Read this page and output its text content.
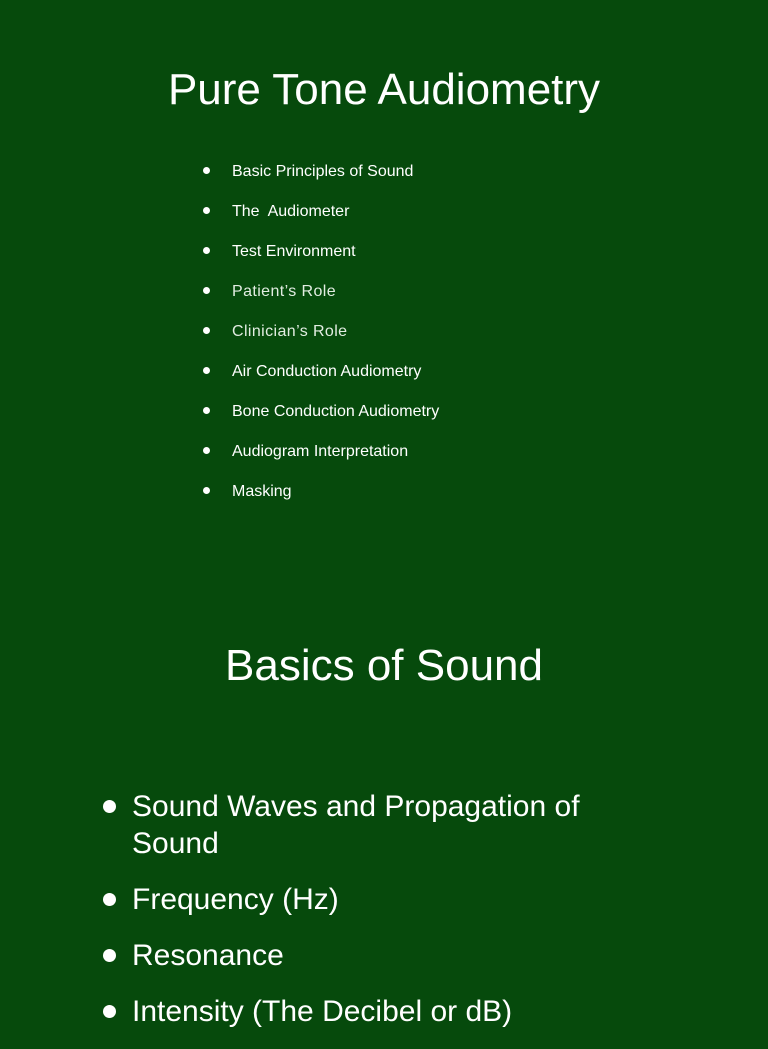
Pure Tone Audiometry
Basic Principles of Sound
The  Audiometer
Test Environment
Patient’s Role
Clinician’s Role
Air Conduction Audiometry
Bone Conduction Audiometry
Audiogram Interpretation
Masking
Basics of Sound
Sound Waves and Propagation of Sound
Frequency (Hz)
Resonance
Intensity (The Decibel or dB)
